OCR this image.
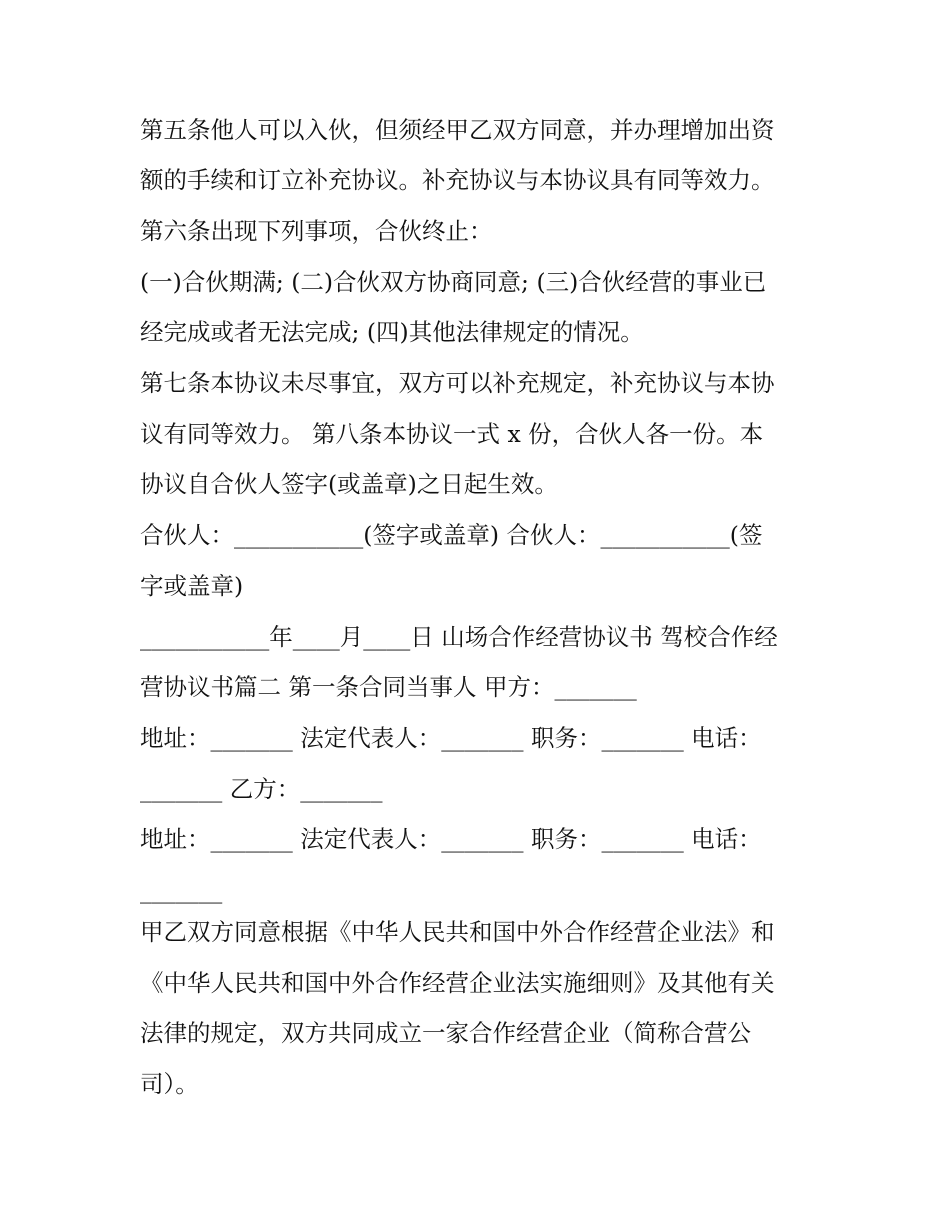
第五条他人可以入伙，但须经甲乙双方同意，并办理增加出资

额的手续和订立补充协议。补充协议与本协议具有同等效力。

第六条出现下列事项，合伙终止：

(一)合伙期满; (二)合伙双方协商同意; (三)合伙经营的事业已

经完成或者无法完成; (四)其他法律规定的情况。

第七条本协议未尽事宜，双方可以补充规定，补充协议与本协

议有同等效力。 第八条本协议一式 x 份，合伙人各一份。本

协议自合伙人签字(或盖章)之日起生效。

合伙人：___________(签字或盖章) 合伙人：___________(签

字或盖章)

___________年____月____日 山场合作经营协议书 驾校合作经

营协议书篇二 第一条合同当事人 甲方：_______

地址：_______ 法定代表人：_______ 职务：_______ 电话：

_______ 乙方：_______

地址：_______ 法定代表人：_______ 职务：_______ 电话：

_______

甲乙双方同意根据《中华人民共和国中外合作经营企业法》和

《中华人民共和国中外合作经营企业法实施细则》及其他有关

法律的规定，双方共同成立一家合作经营企业（简称合营公

司）。
